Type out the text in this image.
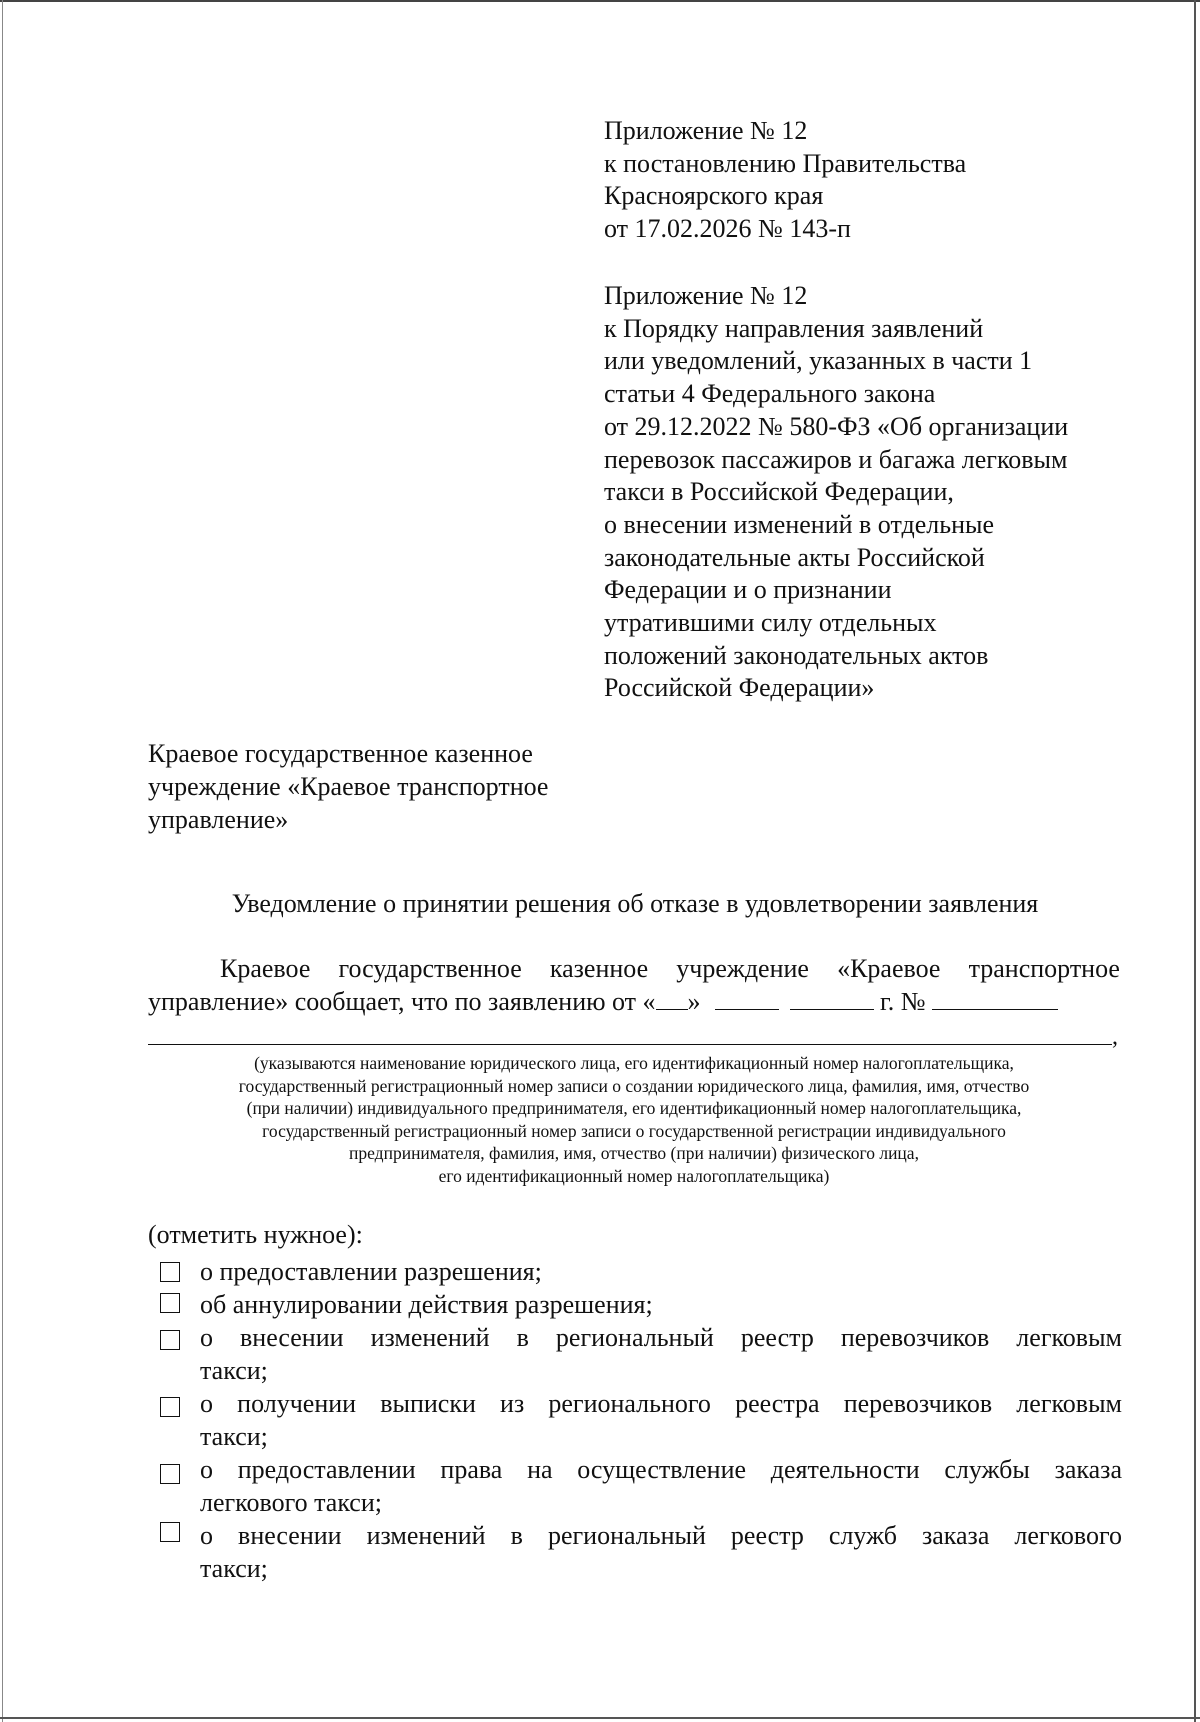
Приложение № 12
к постановлению Правительства
Красноярского края
от 17.02.2026 № 143-п
Приложение № 12
к Порядку направления заявлений
или уведомлений, указанных в части 1
статьи 4 Федерального закона
от 29.12.2022 № 580-ФЗ «Об организации
перевозок пассажиров и багажа легковым
такси в Российской Федерации,
о внесении изменений в отдельные
законодательные акты Российской
Федерации и о признании
утратившими силу отдельных
положений законодательных актов
Российской Федерации»
Краевое государственное казенное
учреждение «Краевое транспортное
управление»
Уведомление о принятии решения об отказе в удовлетворении заявления
Краевое государственное казенное учреждение «Краевое транспортное
управление» сообщает, что по заявлению от « »	г. №
,
(указываются наименование юридического лица, его идентификационный номер налогоплательщика,
государственный регистрационный номер записи о создании юридического лица, фамилия, имя, отчество
(при наличии) индивидуального предпринимателя, его идентификационный номер налогоплательщика,
государственный регистрационный номер записи о государственной регистрации индивидуального
предпринимателя, фамилия, имя, отчество (при наличии) физического лица,
его идентификационный номер налогоплательщика)
(отметить нужное):
о предоставлении разрешения;
об аннулировании действия разрешения;
о внесении изменений в региональный реестр перевозчиков легковым
такси;
о получении выписки из регионального реестра перевозчиков легковым
такси;
о предоставлении права на осуществление деятельности службы заказа
легкового такси;
о внесении изменений в региональный реестр служб заказа легкового
такси;
